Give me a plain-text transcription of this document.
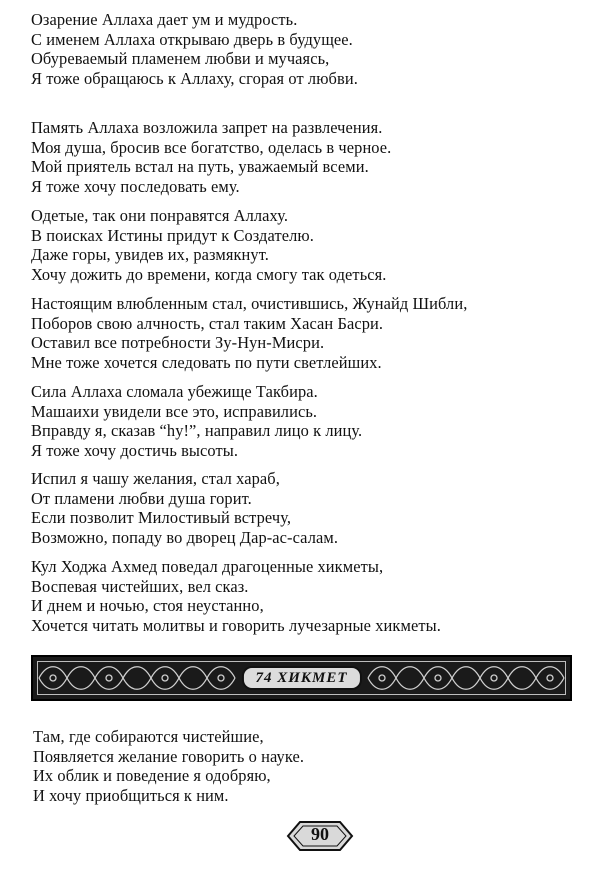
Озарение Аллаха дает ум и мудрость.
С именем Аллаха открываю дверь в будущее.
Обуреваемый пламенем любви и мучаясь,
Я тоже обращаюсь к Аллаху, сгорая от любви.
Память Аллаха возложила запрет на развлечения.
Моя душа, бросив все богатство, оделась в черное.
Мой приятель встал на путь, уважаемый всеми.
Я тоже хочу последовать ему.
Одетые, так они понравятся Аллаху.
В поисках Истины придут к Создателю.
Даже горы, увидев их, размякнут.
Хочу дожить до времени, когда смогу так одеться.
Настоящим влюбленным стал, очистившись, Жунайд Шибли,
Поборов свою алчность, стал таким Хасан Басри.
Оставил все потребности Зу-Нун-Мисри.
Мне тоже хочется следовать по пути светлейших.
Сила Аллаха сломала убежище Такбира.
Машаихи увидели все это, исправились.
Вправду я, сказав “hy!”, направил лицо к лицу.
Я тоже хочу достичь высоты.
Испил я чашу желания, стал хараб,
От пламени любви душа горит.
Если позволит Милостивый встречу,
Возможно, попаду во дворец Дар-ас-салам.
Кул Ходжа Ахмед поведал драгоценные хикметы,
Воспевая чистейших, вел сказ.
И днем и ночью, стоя неустанно,
Хочется читать молитвы и говорить лучезарные хикметы.
74 ХИКМЕТ
Там, где собираются чистейшие,
Появляется желание говорить о науке.
Их облик и поведение я одобряю,
И хочу приобщиться к ним.
90
